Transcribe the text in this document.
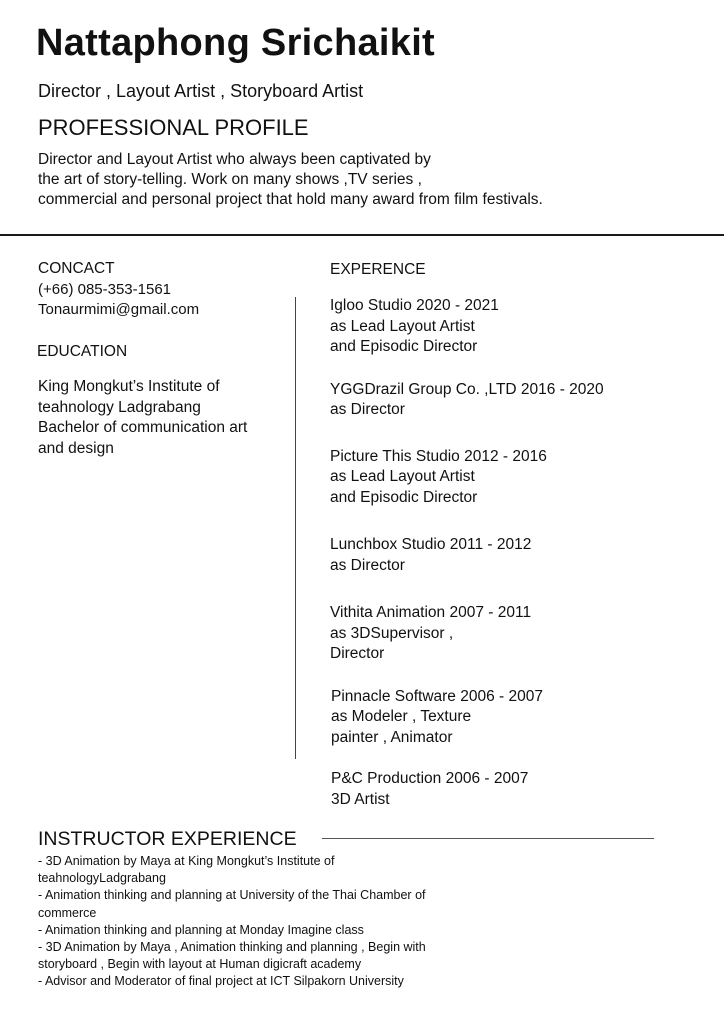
Nattaphong Srichaikit
Director , Layout Artist , Storyboard Artist
PROFESSIONAL PROFILE
Director and Layout Artist who always been captivated by
the art of story-telling. Work on many shows ,TV series ,
commercial and personal project that hold many award from film festivals.
CONCACT
(+66) 085-353-1561
Tonaurmimi@gmail.com
EDUCATION
King Mongkut’s Institute of
teahnology Ladgrabang
Bachelor of communication art
and design
EXPERENCE
Igloo Studio 2020 - 2021
as Lead Layout Artist
and Episodic Director
YGGDrazil Group Co. ,LTD 2016 - 2020
as Director
Picture This Studio 2012 - 2016
as Lead Layout Artist
and Episodic Director
Lunchbox Studio 2011 - 2012
as Director
Vithita Animation 2007 - 2011
as 3DSupervisor ,
Director
Pinnacle Software 2006 - 2007
as Modeler , Texture
painter , Animator
P&C Production 2006 - 2007
3D Artist
INSTRUCTOR EXPERIENCE
- 3D Animation by Maya at King Mongkut’s Institute of
teahnologyLadgrabang
- Animation thinking and planning at University of the Thai Chamber of
commerce
- Animation thinking and planning at Monday Imagine class
- 3D Animation by Maya , Animation thinking and planning , Begin with
storyboard , Begin with layout at Human digicraft academy
- Advisor and Moderator of final project at ICT Silpakorn University
